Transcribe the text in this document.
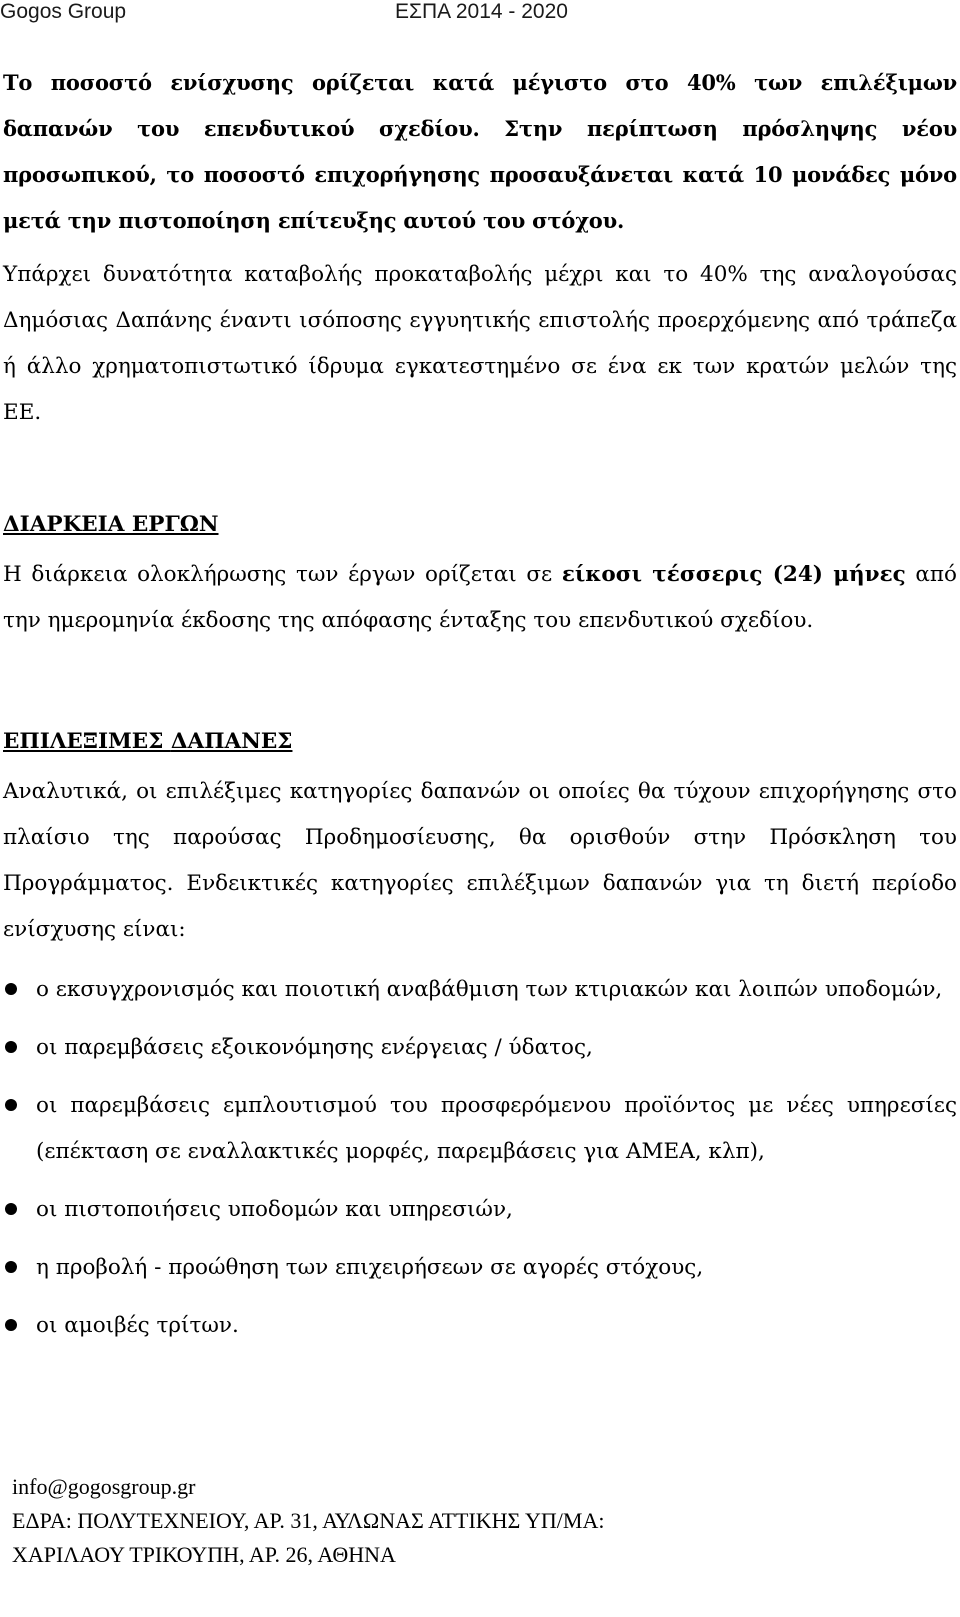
Gogos Group	ΕΣΠΑ 2014 - 2020

Το ποσοστό ενίσχυσης ορίζεται κατά μέγιστο στο 40% των επιλέξιμων δαπανών του επενδυτικού σχεδίου. Στην περίπτωση πρόσληψης νέου προσωπικού, το ποσοστό επιχορήγησης προσαυξάνεται κατά 10 μονάδες μόνο μετά την πιστοποίηση επίτευξης αυτού του στόχου.

Υπάρχει δυνατότητα καταβολής προκαταβολής μέχρι και το 40% της αναλογούσας Δημόσιας Δαπάνης έναντι ισόποσης εγγυητικής επιστολής προερχόμενης από τράπεζα ή άλλο χρηματοπιστωτικό ίδρυμα εγκατεστημένο σε ένα εκ των κρατών μελών της ΕΕ.

ΔΙΑΡΚΕΙΑ ΕΡΓΩΝ

Η διάρκεια ολοκλήρωσης των έργων ορίζεται σε είκοσι τέσσερις (24) μήνες από την ημερομηνία έκδοσης της απόφασης ένταξης του επενδυτικού σχεδίου.

ΕΠΙΛΕΞΙΜΕΣ ΔΑΠΑΝΕΣ

Αναλυτικά, οι επιλέξιμες κατηγορίες δαπανών οι οποίες θα τύχουν επιχορήγησης στο πλαίσιο της παρούσας Προδημοσίευσης, θα ορισθούν στην Πρόσκληση του Προγράμματος. Ενδεικτικές κατηγορίες επιλέξιμων δαπανών για τη διετή περίοδο ενίσχυσης είναι:

ο εκσυγχρονισμός και ποιοτική αναβάθμιση των κτιριακών και λοιπών υποδομών,
οι παρεμβάσεις εξοικονόμησης ενέργειας / ύδατος,
οι παρεμβάσεις εμπλουτισμού του προσφερόμενου προϊόντος με νέες υπηρεσίες (επέκταση σε εναλλακτικές μορφές, παρεμβάσεις για ΑΜΕΑ, κλπ),
οι πιστοποιήσεις υποδομών και υπηρεσιών,
η προβολή - προώθηση των επιχειρήσεων σε αγορές στόχους,
οι αμοιβές τρίτων.
info@gogosgroup.gr
ΕΔΡΑ: ΠΟΛΥΤΕΧΝΕΙΟΥ, ΑΡ. 31, ΑΥΛΩΝΑΣ ΑΤΤΙΚΗΣ ΥΠ/ΜΑ:
ΧΑΡΙΛΑΟΥ ΤΡΙΚΟΥΠΗ, ΑΡ. 26, ΑΘΗΝΑ
